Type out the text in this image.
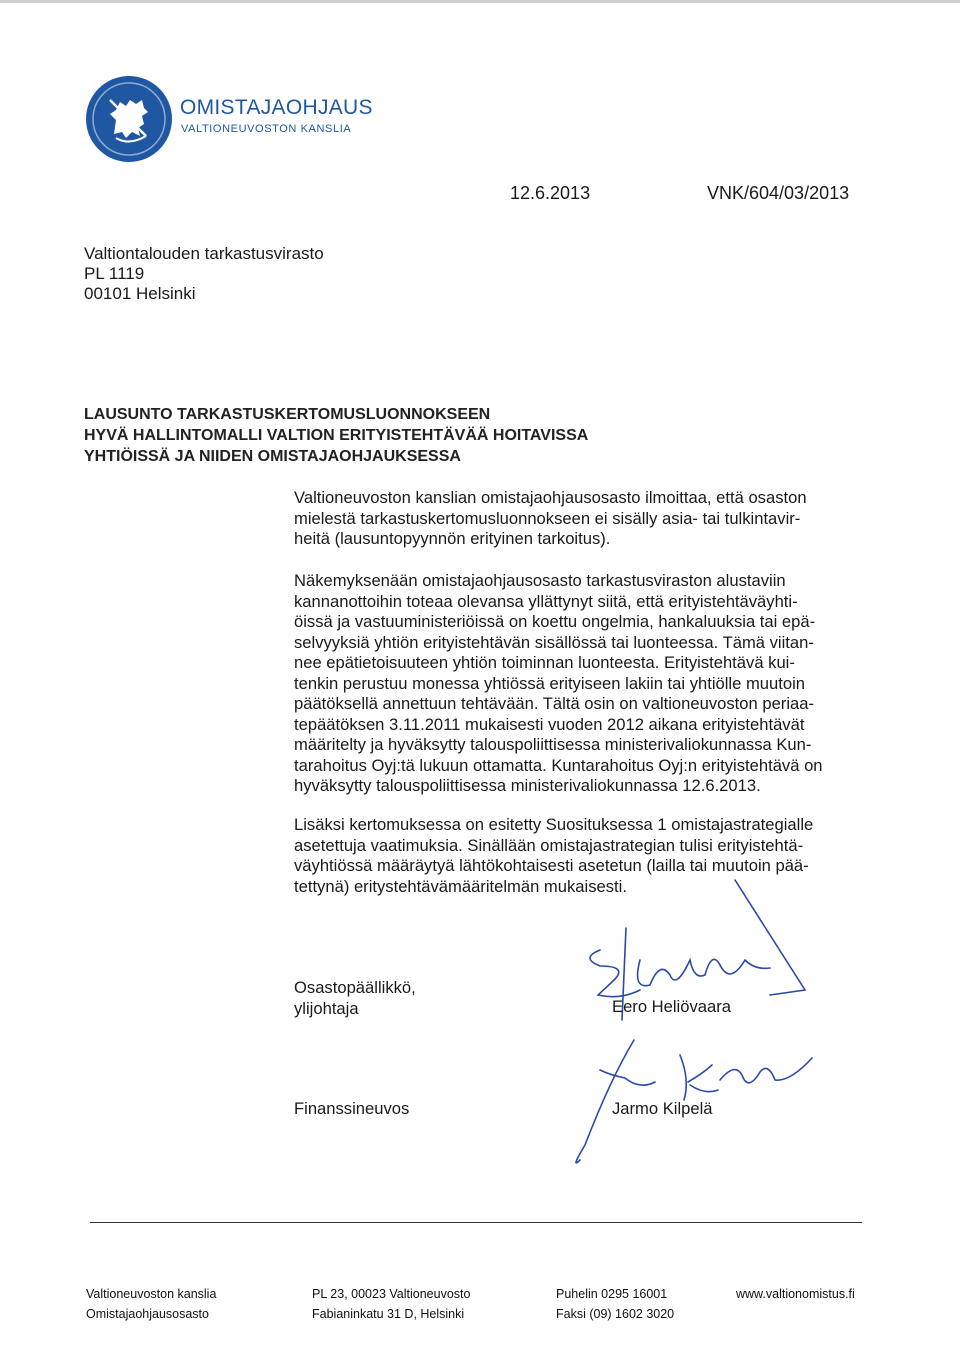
OMISTAJAOHJAUS
VALTIONEUVOSTON KANSLIA
12.6.2013	VNK/604/03/2013
Valtiontalouden tarkastusvirasto
PL 1119
00101 Helsinki
LAUSUNTO TARKASTUSKERTOMUSLUONNOKSEEN
HYVÄ HALLINTOMALLI VALTION ERITYISTEHTÄVÄÄ HOITAVISSA
YHTIÖISSÄ JA NIIDEN OMISTAJAOHJAUKSESSA
Valtioneuvoston kanslian omistajaohjausosasto ilmoittaa, että osaston
mielestä tarkastuskertomusluonnokseen ei sisälly asia- tai tulkintavir-
heitä (lausuntopyynnön erityinen tarkoitus).
Näkemyksenään omistajaohjausosasto tarkastusviraston alustaviin
kannanottoihin toteaa olevansa yllättynyt siitä, että erityistehtäväyhti-
öissä ja vastuuministeriöissä on koettu ongelmia, hankaluuksia tai epä-
selvyyksiä yhtiön erityistehtävän sisällössä tai luonteessa. Tämä viitan-
nee epätietoisuuteen yhtiön toiminnan luonteesta. Erityistehtävä kui-
tenkin perustuu monessa yhtiössä erityiseen lakiin tai yhtiölle muutoin
päätöksellä annettuun tehtävään. Tältä osin on valtioneuvoston periaa-
tepäätöksen 3.11.2011 mukaisesti vuoden 2012 aikana erityistehtävät
määritelty ja hyväksytty talouspoliittisessa ministerivaliokunnassa Kun-
tarahoitus Oyj:tä lukuun ottamatta. Kuntarahoitus Oyj:n erityistehtävä on
hyväksytty talouspoliittisessa ministerivaliokunnassa 12.6.2013.
Lisäksi kertomuksessa on esitetty Suosituksessa 1 omistajastrategialle
asetettuja vaatimuksia. Sinällään omistajastrategian tulisi erityistehtä-
väyhtiössä määräytyä lähtökohtaisesti asetetun (lailla tai muutoin pää-
tettynä) eritystehtävämääritelmän mukaisesti.
Osastopäällikkö,
ylijohtaja	Eero Heliövaara
Finanssineuvos	Jarmo Kilpelä
Valtioneuvoston kanslia
Omistajaohjausosasto
PL 23, 00023 Valtioneuvosto
Fabianinkatu 31 D, Helsinki
Puhelin 0295 16001
Faksi (09) 1602 3020
www.valtionomistus.fi
